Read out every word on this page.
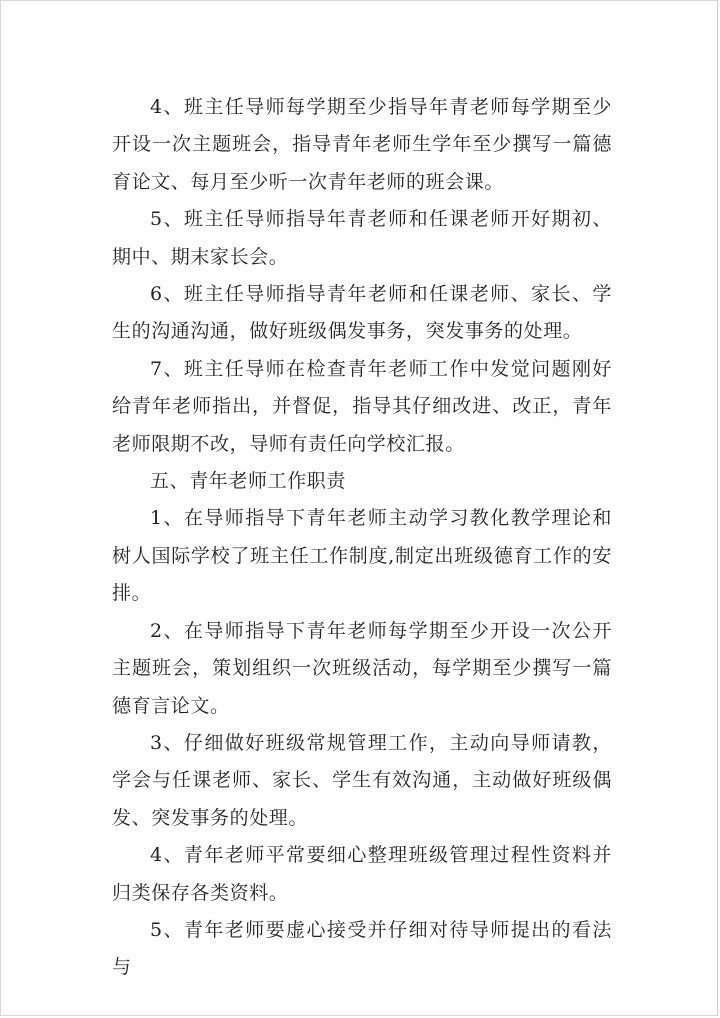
4、班主任导师每学期至少指导年青老师每学期至少开设一次主题班会，指导青年老师生学年至少撰写一篇德育论文、每月至少听一次青年老师的班会课。

5、班主任导师指导年青老师和任课老师开好期初、期中、期末家长会。

6、班主任导师指导青年老师和任课老师、家长、学生的沟通沟通，做好班级偶发事务，突发事务的处理。

7、班主任导师在检查青年老师工作中发觉问题刚好给青年老师指出，并督促，指导其仔细改进、改正，青年老师限期不改，导师有责任向学校汇报。

五、青年老师工作职责

1、在导师指导下青年老师主动学习教化教学理论和树人国际学校了班主任工作制度,制定出班级德育工作的安排。

2、在导师指导下青年老师每学期至少开设一次公开主题班会，策划组织一次班级活动，每学期至少撰写一篇德育言论文。

3、仔细做好班级常规管理工作，主动向导师请教，学会与任课老师、家长、学生有效沟通，主动做好班级偶发、突发事务的处理。

4、青年老师平常要细心整理班级管理过程性资料并归类保存各类资料。

5、青年老师要虚心接受并仔细对待导师提出的看法与
